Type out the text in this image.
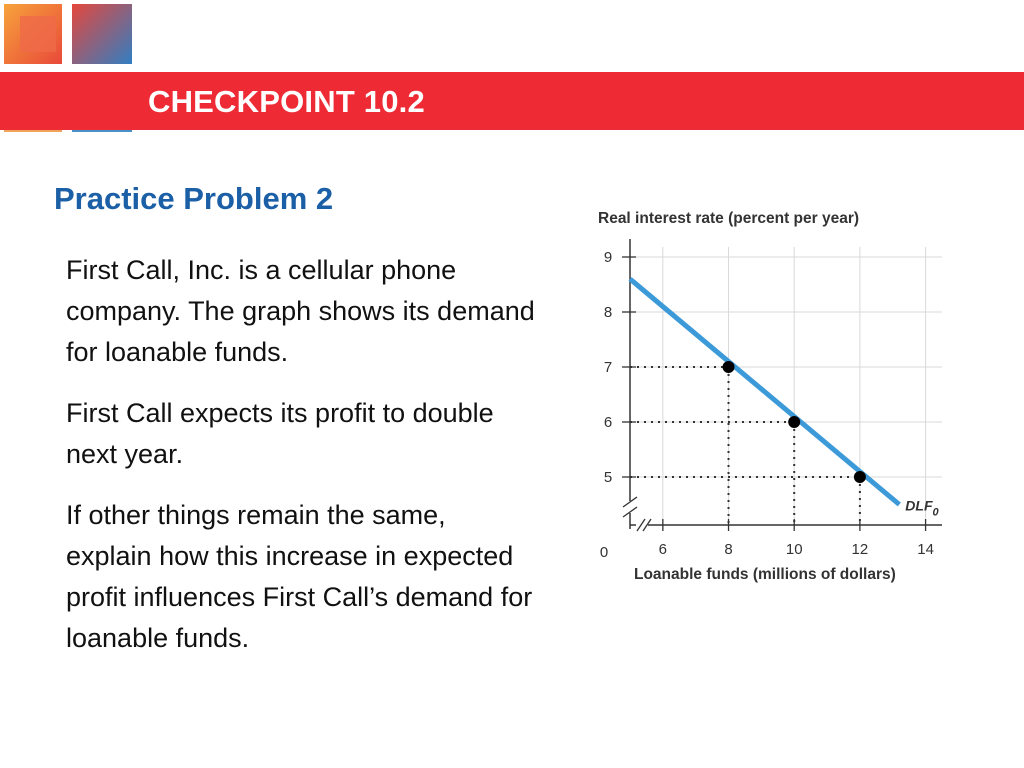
CHECKPOINT 10.2
Practice Problem 2

First Call, Inc. is a cellular phone company. The graph shows its demand for loanable funds.

First Call expects its profit to double next year.

If other things remain the same, explain how this increase in expected profit influences First Call’s demand for loanable funds.

Real interest rate (percent per year)
Loanable funds (millions of dollars)
0	6	8	10	12	14
5
6
7
8
9
$DLF_0$
